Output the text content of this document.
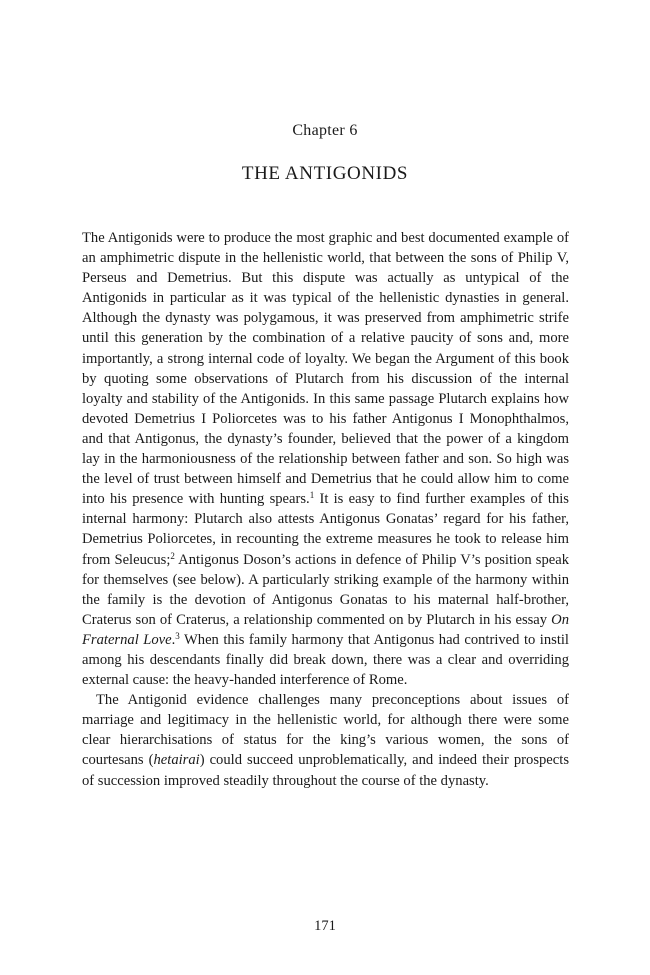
Chapter 6
THE ANTIGONIDS

The Antigonids were to produce the most graphic and best documented example of an amphimetric dispute in the hellenistic world, that between the sons of Philip V, Perseus and Demetrius. But this dispute was actually as untypical of the Antigonids in particular as it was typical of the hellenistic dynasties in general. Although the dynasty was polygamous, it was preserved from amphimetric strife until this generation by the combination of a relative paucity of sons and, more importantly, a strong internal code of loyalty. We began the Argument of this book by quoting some observations of Plutarch from his discussion of the internal loyalty and stability of the Antigonids. In this same passage Plutarch explains how devoted Demetrius I Poliorcetes was to his father Antigonus I Monophthalmos, and that Antigonus, the dynasty’s founder, believed that the power of a kingdom lay in the harmoniousness of the relationship between father and son. So high was the level of trust between himself and Demetrius that he could allow him to come into his presence with hunting spears.$^1$ It is easy to find further examples of this internal harmony: Plutarch also attests Antigonus Gonatas’ regard for his father, Demetrius Poliorcetes, in recounting the extreme measures he took to release him from Seleucus;$^2$ Antigonus Doson’s actions in defence of Philip V’s position speak for themselves (see below). A particularly striking example of the harmony within the family is the devotion of Antigonus Gonatas to his maternal half-brother, Craterus son of Craterus, a relationship commented on by Plutarch in his essay On Fraternal Love.$^3$ When this family harmony that Antigonus had contrived to instil among his descendants finally did break down, there was a clear and overriding external cause: the heavy-handed interference of Rome.

The Antigonid evidence challenges many preconceptions about issues of marriage and legitimacy in the hellenistic world, for although there were some clear hierarchisations of status for the king’s various women, the sons of courtesans (hetairai) could succeed unproblematically, and indeed their prospects of succession improved steadily throughout the course of the dynasty.

171
